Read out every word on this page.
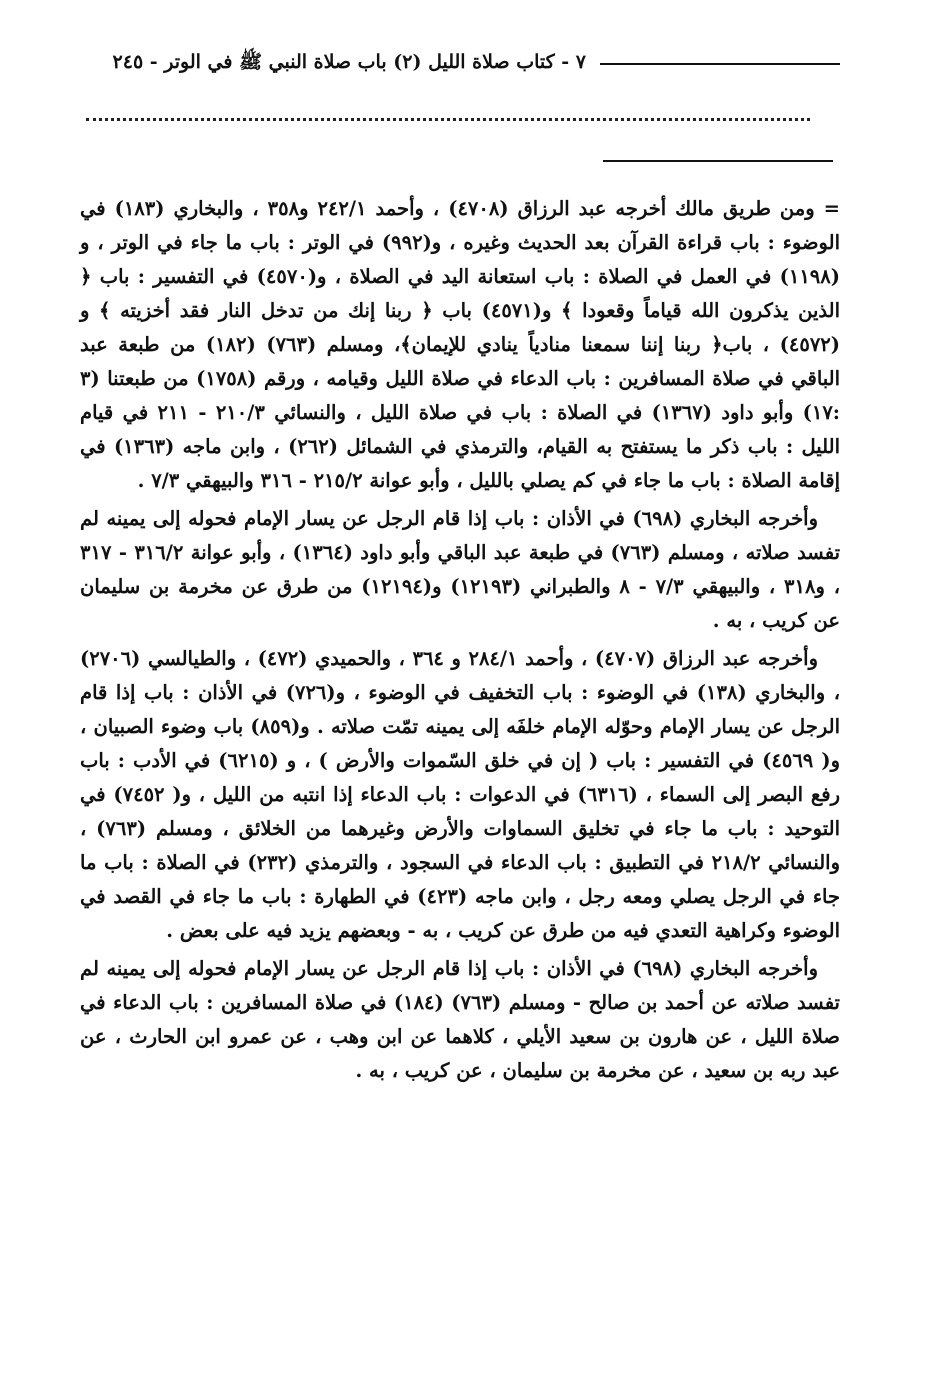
٧ - كتاب صلاة الليل (٢) باب صلاة النبي ﷺ في الوتر - ٢٤٥

= ومن طريق مالك أخرجه عبد الرزاق (٤٧٠٨) ، وأحمد ٢٤٢/١ و٣٥٨ ، والبخاري (١٨٣) في الوضوء : باب قراءة القرآن بعد الحديث وغيره ، و(٩٩٢) في الوتر : باب ما جاء في الوتر ، و (١١٩٨) في العمل في الصلاة : باب استعانة اليد في الصلاة ، و(٤٥٧٠) في التفسير : باب ﴿ الذين يذكرون الله قياماً وقعودا ﴾ و(٤٥٧١) باب ﴿ ربنا إنك من تدخل النار فقد أخزيته ﴾ و (٤٥٧٢) ، باب﴿ ربنا إننا سمعنا منادياً ينادي للإيمان﴾، ومسلم (٧٦٣) (١٨٢) من طبعة عبد الباقي في صلاة المسافرين : باب الدعاء في صلاة الليل وقيامه ، ورقم (١٧٥٨) من طبعتنا (٣ :١٧) وأبو داود (١٣٦٧) في الصلاة : باب في صلاة الليل ، والنسائي ٢١٠/٣ - ٢١١ في قيام الليل : باب ذكر ما يستفتح به القيام، والترمذي في الشمائل (٢٦٢) ، وابن ماجه (١٣٦٣) في إقامة الصلاة : باب ما جاء في كم يصلي بالليل ، وأبو عوانة ٢١٥/٢ - ٣١٦ والبيهقي ٧/٣ .

وأخرجه البخاري (٦٩٨) في الأذان : باب إذا قام الرجل عن يسار الإمام فحوله إلى يمينه لم تفسد صلاته ، ومسلم (٧٦٣) في طبعة عبد الباقي وأبو داود (١٣٦٤) ، وأبو عوانة ٣١٦/٢ - ٣١٧ ، و٣١٨ ، والبيهقي ٧/٣ - ٨ والطبراني (١٢١٩٣) و(١٢١٩٤) من طرق عن مخرمة بن سليمان عن كريب ، به .

وأخرجه عبد الرزاق (٤٧٠٧) ، وأحمد ٢٨٤/١ و ٣٦٤ ، والحميدي (٤٧٢) ، والطيالسي (٢٧٠٦) ، والبخاري (١٣٨) في الوضوء : باب التخفيف في الوضوء ، و(٧٢٦) في الأذان : باب إذا قام الرجل عن يسار الإمام وحوّله الإمام خلفَه إلى يمينه تمّت صلاته . و(٨٥٩) باب وضوء الصبيان ، و( ٤٥٦٩) في التفسير : باب ( إن في خلق السّموات والأرض ) ، و (٦٢١٥) في الأدب : باب رفع البصر إلى السماء ، (٦٣١٦) في الدعوات : باب الدعاء إذا انتبه من الليل ، و( ٧٤٥٢) في التوحيد : باب ما جاء في تخليق السماوات والأرض وغيرهما من الخلائق ، ومسلم (٧٦٣) ، والنسائي ٢١٨/٢ في التطبيق : باب الدعاء في السجود ، والترمذي (٢٣٢) في الصلاة : باب ما جاء في الرجل يصلي ومعه رجل ، وابن ماجه (٤٢٣) في الطهارة : باب ما جاء في القصد في الوضوء وكراهية التعدي فيه من طرق عن كريب ، به - وبعضهم يزيد فيه على بعض .

وأخرجه البخاري (٦٩٨) في الأذان : باب إذا قام الرجل عن يسار الإمام فحوله إلى يمينه لم تفسد صلاته عن أحمد بن صالح - ومسلم (٧٦٣) (١٨٤) في صلاة المسافرين : باب الدعاء في صلاة الليل ، عن هارون بن سعيد الأيلي ، كلاهما عن ابن وهب ، عن عمرو ابن الحارث ، عن عبد ربه بن سعيد ، عن مخرمة بن سليمان ، عن كريب ، به .
